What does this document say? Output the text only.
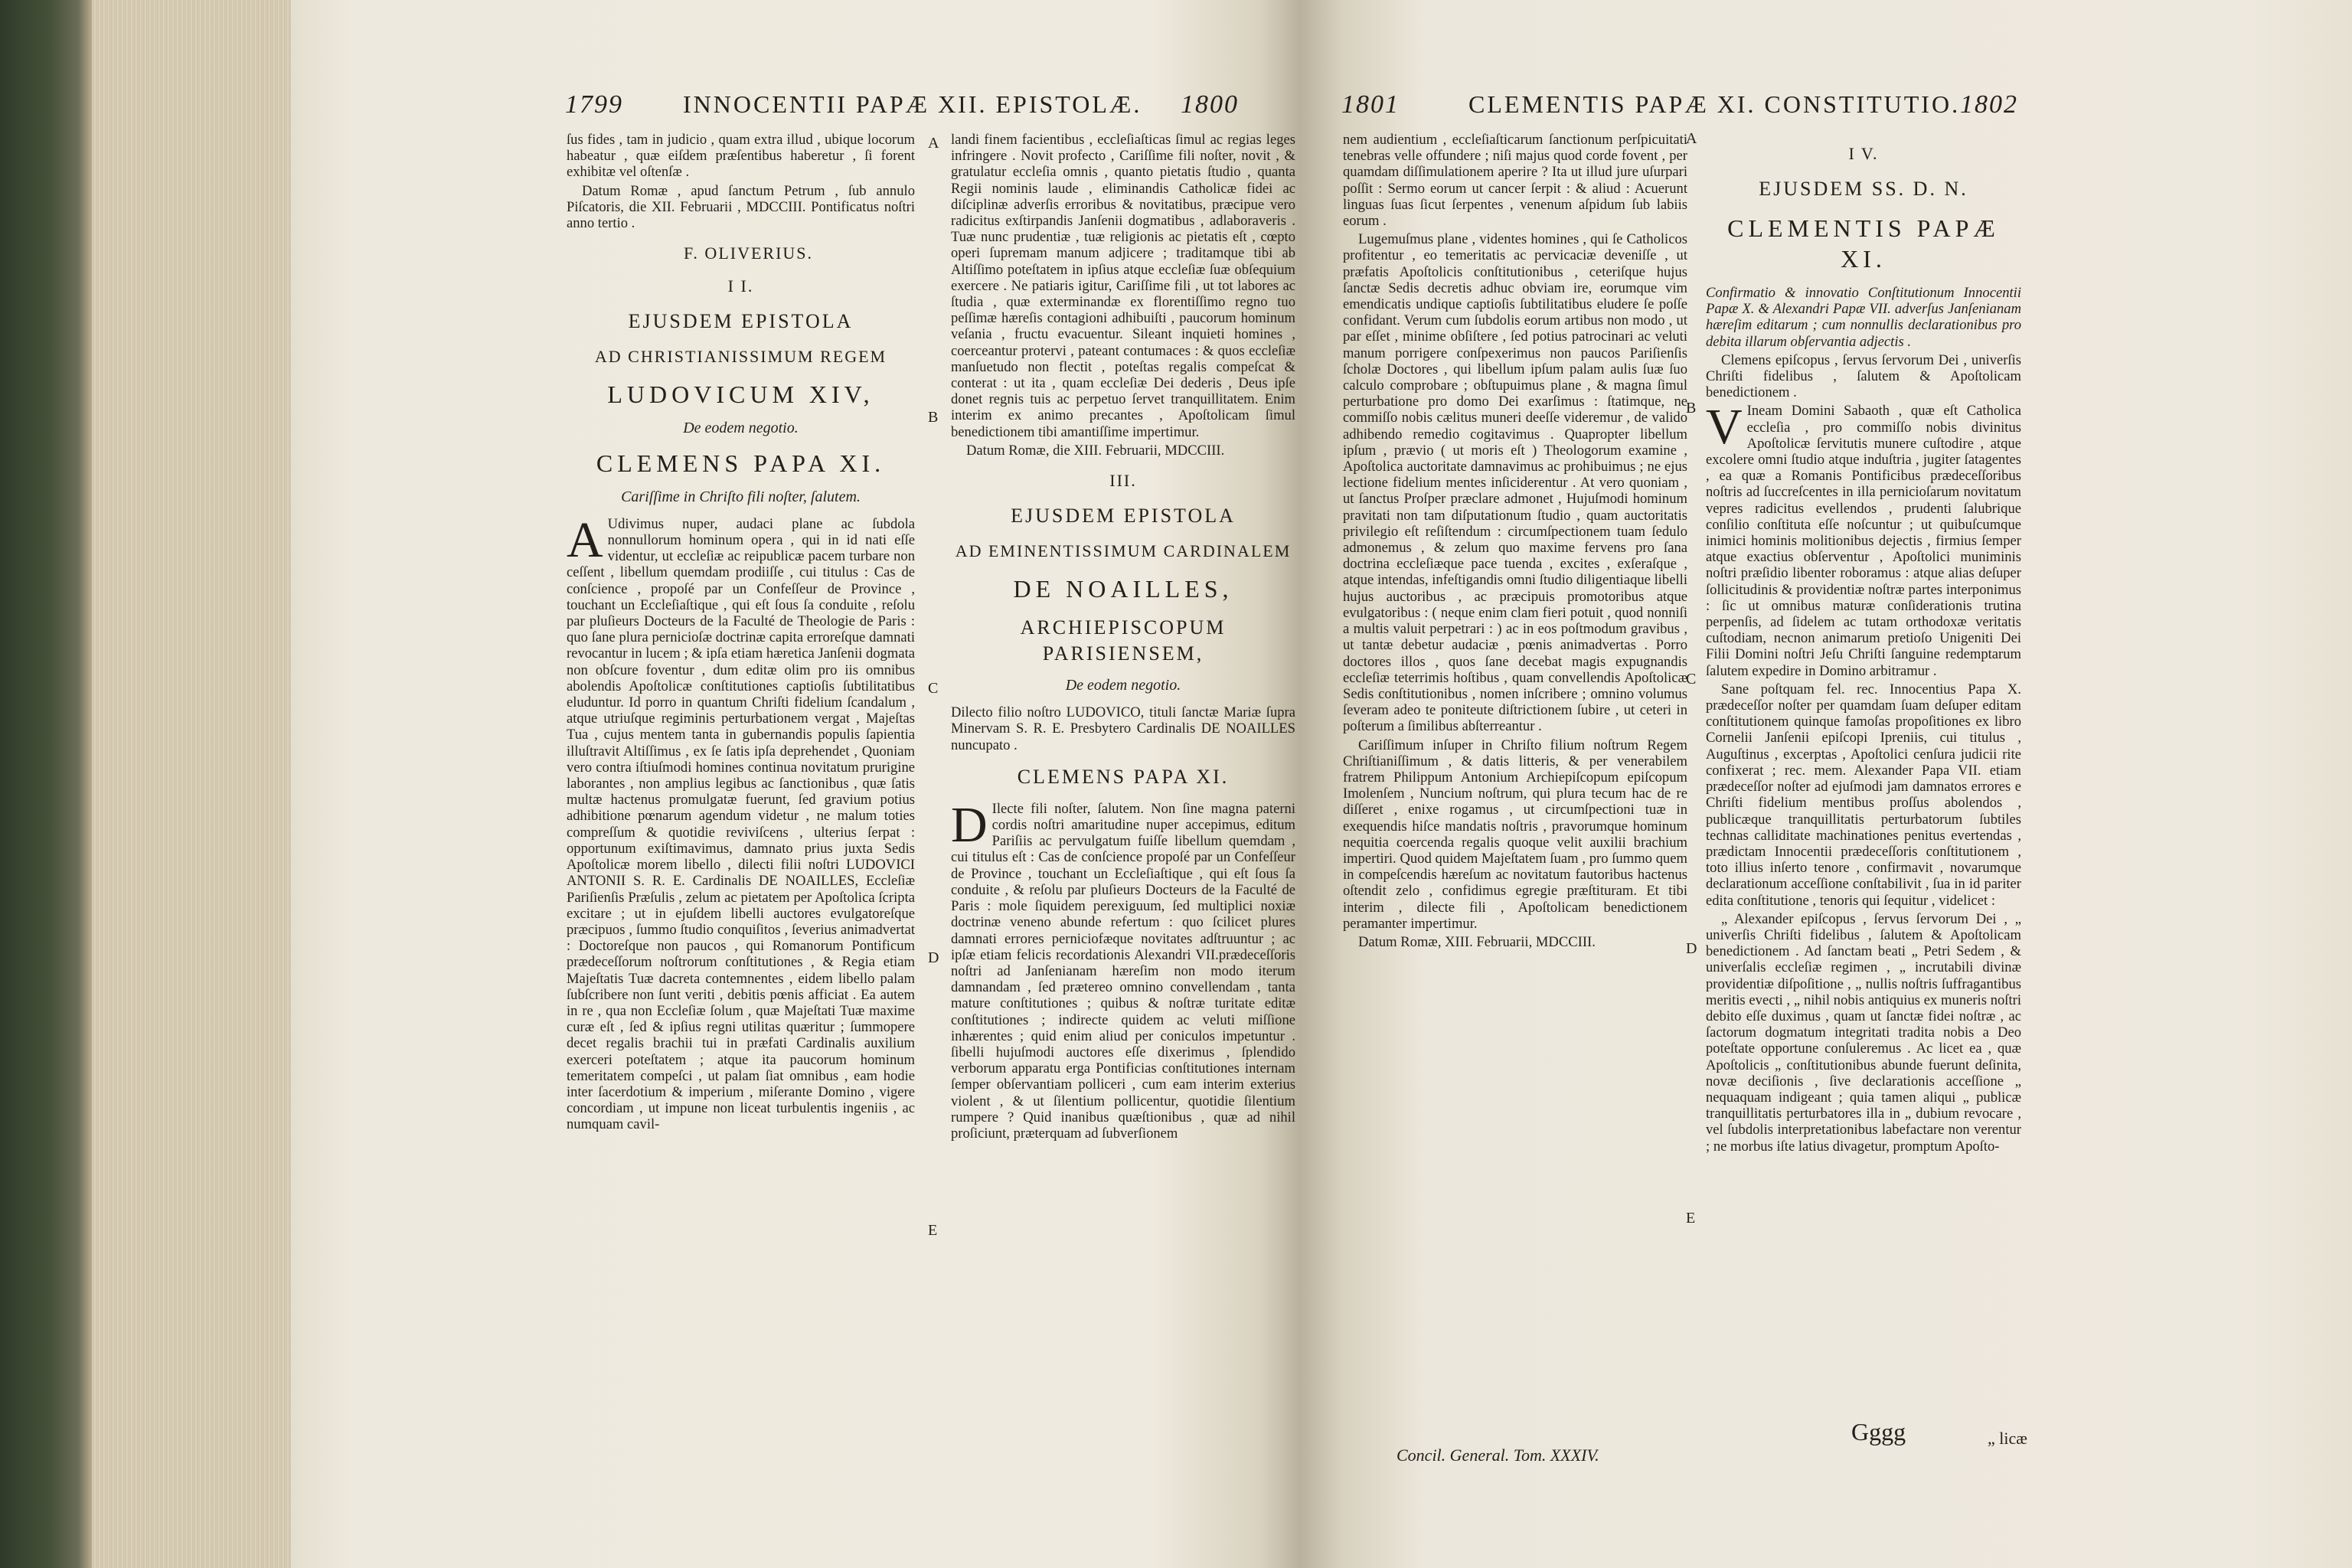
1799 INNOCENTII PAPÆ XII. EPISTOLÆ. 1800

ſus fides , tam in judicio , quam extra illud , ubique locorum habeatur , quæ eiſdem præſentibus haberetur , ſi forent exhibitæ vel oſtenſæ .

Datum Romæ , apud ſanctum Petrum , ſub annulo Piſcatoris, die XII. Februarii , MDCCIII. Pontificatus noſtri anno tertio .

F. OLIVERIUS.

I I.

EJUSDEM EPISTOLA

AD CHRISTIANISSIMUM REGEM

LUDOVICUM XIV,

De eodem negotio.

CLEMENS PAPA XI.

Cariſſime in Chriſto fili noſter, ſalutem.

A Udivimus nuper, audaci plane ac ſubdola nonnullorum hominum opera , qui in id nati eſſe videntur, ut eccleſiæ ac reipublicæ pacem turbare non ceſſent , libellum quemdam prodiiſſe , cui titulus : Cas de conſcience , propoſé par un Confeſſeur de Province , touchant un Eccleſiaſtique , qui eſt ſous ſa conduite , reſolu par pluſieurs Docteurs de la Faculté de Theologie de Paris : quo ſane plura pernicioſæ doctrinæ capita erroreſque damnati revocantur in lucem ; & ipſa etiam hæretica Janſenii dogmata non obſcure foventur , dum editæ olim pro iis omnibus abolendis Apoſtolicæ conſtitutiones captioſis ſubtilitatibus eluduntur. Id porro in quantum Chriſti fidelium ſcandalum , atque utriuſque regiminis perturbationem vergat , Majeſtas Tua , cujus mentem tanta in gubernandis populis ſapientia illuſtravit Altiſſimus , ex ſe ſatis ipſa deprehendet , Quoniam vero contra iſtiuſmodi homines continua novitatum prurigine laborantes , non amplius legibus ac ſanctionibus , quæ ſatis multæ hactenus promulgatæ fuerunt, ſed gravium potius adhibitione pœnarum agendum videtur , ne malum toties compreſſum & quotidie reviviſcens , ulterius ſerpat : opportunum exiſtimavimus, damnato prius juxta Sedis Apoſtolicæ morem libello , dilecti filii noſtri LUDOVICI ANTONII S. R. E. Cardinalis DE NOAILLES, Eccleſiæ Pariſienſis Præſulis , zelum ac pietatem per Apoſtolica ſcripta excitare ; ut in ejuſdem libelli auctores evulgatoreſque præcipuos , ſummo ſtudio conquiſitos , ſeverius animadvertat : Doctoreſque non paucos , qui Romanorum Pontificum prædeceſſorum noſtrorum conſtitutiones , & Regia etiam Majeſtatis Tuæ dacreta contemnentes , eidem libello palam ſubſcribere non ſunt veriti , debitis pœnis afficiat . Ea autem in re , qua non Eccleſiæ ſolum , quæ Majeſtati Tuæ maxime curæ eſt , ſed & ipſius regni utilitas quæritur ; ſummopere decet regalis brachii tui in præfati Cardinalis auxilium exerceri poteſtatem ; atque ita paucorum hominum temeritatem compeſci , ut palam ſiat omnibus , eam hodie inter ſacerdotium & imperium , miſerante Domino , vigere concordiam , ut impune non liceat turbulentis ingeniis , ac numquam cavil-

landi finem facientibus , eccleſiaſticas ſimul ac regias leges infringere . Novit profecto , Cariſſime fili noſter, novit , & gratulatur eccleſia omnis , quanto pietatis ſtudio , quanta Regii nominis laude , eliminandis Catholicæ fidei ac diſciplinæ adverſis erroribus & novitatibus, præcipue vero radicitus exſtirpandis Janſenii dogmatibus , adlaboraveris . Tuæ nunc prudentiæ , tuæ religionis ac pietatis eſt , cœpto operi ſupremam manum adjicere ; traditamque tibi ab Altiſſimo poteſtatem in ipſius atque eccleſiæ ſuæ obſequium exercere . Ne patiaris igitur, Cariſſime fili , ut tot labores ac ſtudia , quæ exterminandæ ex florentiſſimo regno tuo peſſimæ hæreſis contagioni adhibuiſti , paucorum hominum veſania , fructu evacuentur. Sileant inquieti homines , coerceantur protervi , pateant contumaces : & quos eccleſiæ manſuetudo non flectit , poteſtas regalis compeſcat & conterat : ut ita , quam eccleſiæ Dei dederis , Deus ipſe donet regnis tuis ac perpetuo ſervet tranquillitatem. Enim interim ex animo precantes , Apoſtolicam ſimul benedictionem tibi amantiſſime impertimur.

Datum Romæ, die XIII. Februarii, MDCCIII.

III.

EJUSDEM EPISTOLA

AD EMINENTISSIMUM CARDINALEM

DE NOAILLES,

ARCHIEPISCOPUM PARISIENSEM,

De eodem negotio.

Dilecto filio noſtro LUDOVICO, tituli ſanctæ Mariæ ſupra Minervam S. R. E. Presbytero Cardinalis DE NOAILLES nuncupato .

CLEMENS PAPA XI.

D Ilecte fili noſter, ſalutem. Non ſine magna paterni cordis noſtri amaritudine nuper accepimus, editum Pariſiis ac pervulgatum fuiſſe libellum quemdam , cui titulus eſt : Cas de conſcience propoſé par un Confeſſeur de Province , touchant un Eccleſiaſtique , qui eſt ſous ſa conduite , & reſolu par pluſieurs Docteurs de la Faculté de Paris : mole ſiquidem perexiguum, ſed multiplici noxiæ doctrinæ veneno abunde refertum : quo ſcilicet plures damnati errores perniciofæque novitates adſtruuntur ; ac ipſæ etiam felicis recordationis Alexandri VII.prædeceſſoris noſtri ad Janſenianam hæreſim non modo iterum damnandam , ſed prætereo omnino convellendam , tanta mature conſtitutiones ; quibus & noſtræ turitate editæ conſtitutiones ; indirecte quidem ac veluti miſſione inhærentes ; quid enim aliud per coniculos impetuntur . ſibelli hujuſmodi auctores eſſe dixerimus , ſplendido verborum apparatu erga Pontificias conſtitutiones internam ſemper obſervantiam polliceri , cum eam interim exterius violent , & ut ſilentium pollicentur, quotidie ſilentium rumpere ? Quid inanibus quæſtionibus , quæ ad nihil proſiciunt, præterquam ad ſubverſionem

A
B
C
D
E
1801	CLEMENTIS PAPÆ XI. CONSTITUTIO. 1802

nem audientium , eccleſiaſticarum ſanctionum perſpicuitati tenebras velle offundere ; niſi majus quod corde fovent , per quamdam diſſimulationem aperire ? Ita ut illud jure uſurpari poſſit : Sermo eorum ut cancer ſerpit : & aliud : Acuerunt linguas ſuas ſicut ſerpentes , venenum aſpidum ſub labiis eorum .

Lugemuſmus plane , videntes homines , qui ſe Catholicos profitentur , eo temeritatis ac pervicaciæ deveniſſe , ut præfatis Apoſtolicis conſtitutionibus , ceteriſque hujus ſanctæ Sedis decretis adhuc obviam ire, eorumque vim emendicatis undique captioſis ſubtilitatibus eludere ſe poſſe confidant. Verum cum ſubdolis eorum artibus non modo , ut par eſſet , minime obſiſtere , ſed potius patrocinari ac veluti manum porrigere conſpexerimus non paucos Pariſienſis ſcholæ Doctores , qui libellum ipſum palam aulis ſuæ ſuo calculo comprobare ; obſtupuimus plane , & magna ſimul perturbatione pro domo Dei exarſimus : ſtatimque, ne commiſſo nobis cælitus muneri deeſſe videremur , de valido adhibendo remedio cogitavimus . Quapropter libellum ipſum , prævio ( ut moris eſt ) Theologorum examine , Apoſtolica auctoritate damnavimus ac prohibuimus ; ne ejus lectione fidelium mentes inſiciderentur . At vero quoniam , ut ſanctus Proſper præclare admonet , Hujuſmodi hominum pravitati non tam diſputationum ſtudio , quam auctoritatis privilegio eſt reſiſtendum : circumſpectionem tuam ſedulo admonemus , & zelum quo maxime fervens pro ſana doctrina eccleſiæque pace tuenda , excites , exſeraſque , atque intendas, infeſtigandis omni ſtudio diligentiaque libelli hujus auctoribus , ac præcipuis promotoribus atque evulgatoribus : ( neque enim clam fieri potuit , quod nonniſi a multis valuit perpetrari : ) ac in eos poſtmodum gravibus , ut tantæ debetur audaciæ , pœnis animadvertas . Porro doctores illos , quos ſane decebat magis expugnandis eccleſiæ teterrimis hoſtibus , quam convellendis Apoſtolicæ Sedis conſtitutionibus , nomen inſcribere ; omnino volumus ſeveram adeo te poniteute diſtrictionem ſubire , ut ceteri in poſterum a ſimilibus abſterreantur .

Cariſſimum inſuper in Chriſto filium noſtrum Regem Chriſtianiſſimum , & datis litteris, & per venerabilem fratrem Philippum Antonium Archiepiſcopum epiſcopum Imolenſem , Nuncium noſtrum, qui plura tecum hac de re diſſeret , enixe rogamus , ut circumſpectioni tuæ in exequendis hiſce mandatis noſtris , pravorumque hominum nequitia coercenda regalis quoque velit auxilii brachium impertiri. Quod quidem Majeſtatem ſuam , pro ſummo quem in compeſcendis hæreſum ac novitatum fautoribus hactenus oſtendit zelo , confidimus egregie præſtituram. Et tibi interim , dilecte fili , Apoſtolicam benedictionem peramanter impertimur.

Datum Romæ, XIII. Februarii, MDCCIII.

I V.

EJUSDEM SS. D. N.

CLEMENTIS PAPÆ XI.

Confirmatio & innovatio Conſtitutionum Innocentii Papæ X. & Alexandri Papæ VII. adverſus Janſenianam hæreſim editarum ; cum nonnullis declarationibus pro debita illarum obſervantia adjectis .

Clemens epiſcopus , ſervus ſervorum Dei , univerſis Chriſti fidelibus , ſalutem & Apoſtolicam benedictionem .

V Ineam Domini Sabaoth , quæ eſt Catholica eccleſia , pro commiſſo nobis divinitus Apoſtolicæ ſervitutis munere cuſtodire , atque excolere omni ſtudio atque induſtria , jugiter ſatagentes , ea quæ a Romanis Pontificibus prædeceſſoribus noſtris ad ſuccreſcentes in illa pernicioſarum novitatum vepres radicitus evellendos , prudenti ſalubrique conſilio conſtituta eſſe noſcuntur ; ut quibuſcumque inimici hominis molitionibus dejectis , firmius ſemper atque exactius obſerventur , Apoſtolici muniminis noſtri præſidio libenter roboramus : atque alias deſuper ſollicitudinis & providentiæ noſtræ partes interponimus : ſic ut omnibus maturæ conſiderationis trutina perpenſis, ad ſidelem ac tutam orthodoxæ veritatis cuſtodiam, necnon animarum pretioſo Unigeniti Dei Filii Domini noſtri Jeſu Chriſti ſanguine redemptarum ſalutem expedire in Domino arbitramur .

Sane poſtquam fel. rec. Innocentius Papa X. prædeceſſor noſter per quamdam ſuam deſuper editam conſtitutionem quinque famoſas propoſitiones ex libro Cornelii Janſenii epiſcopi Ipreniis, cui titulus , Auguſtinus , excerptas , Apoſtolici cenſura judicii rite confixerat ; rec. mem. Alexander Papa VII. etiam prædeceſſor noſter ad ejuſmodi jam damnatos errores e Chriſti fidelium mentibus proſſus abolendos , publicæque tranquillitatis perturbatorum ſubtiles technas calliditate machinationes penitus evertendas , prædictam Innocentii prædeceſſoris conſtitutionem , toto illius inſerto tenore , confirmavit , novarumque declarationum acceſſione conſtabilivit , ſua in id pariter edita conſtitutione , tenoris qui ſequitur , videlicet :

„ Alexander epiſcopus , ſervus ſervorum Dei , „ univerſis Chriſti fidelibus , ſalutem & Apoſtolicam benedictionem . Ad ſanctam beati „ Petri Sedem , & univerſalis eccleſiæ regimen , „ incrutabili divinæ providentiæ diſpoſitione , „ nullis noſtris ſuffragantibus meritis evecti , „ nihil nobis antiquius ex muneris noſtri debito eſſe duximus , quam ut ſanctæ fidei noſtræ , ac ſactorum dogmatum integritati tradita nobis a Deo poteſtate opportune conſuleremus . Ac licet ea , quæ Apoſtolicis „ conſtitutionibus abunde fuerunt deſinita, novæ deciſionis , ſive declarationis acceſſione „ nequaquam indigeant ; quia tamen aliqui „ publicæ tranquillitatis perturbatores illa in „ dubium revocare , vel ſubdolis interpretationibus labefactare non verentur ; ne morbus iſte latius divagetur, promptum Apoſto-

A
B
C
D
E
Concil. General. Tom. XXXIV.
Gggg	„ licæ
